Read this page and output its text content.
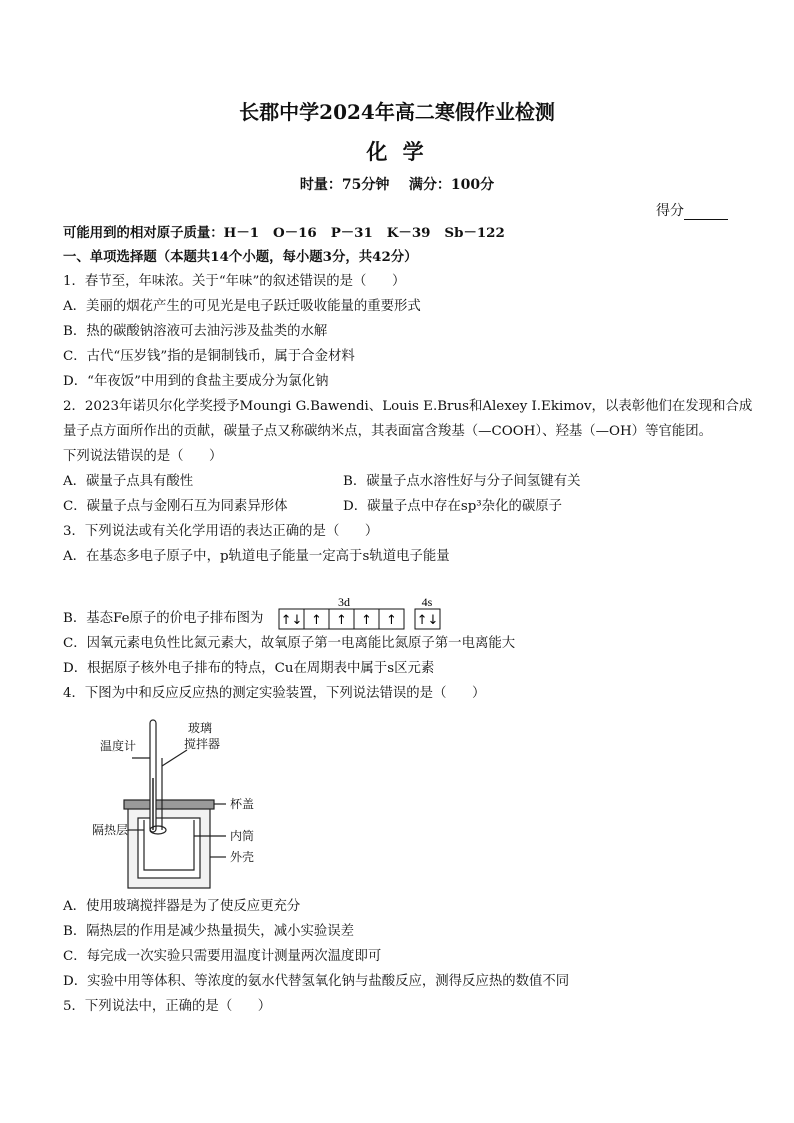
长郡中学2024年高二寒假作业检测
化 学
时量：75分钟    满分：100分
得分
可能用到的相对原子质量：H－1   O－16   P－31   K－39   Sb－122
一、单项选择题（本题共14个小题，每小题3分，共42分）
1．春节至，年味浓。关于“年味”的叙述错误的是（      ）
A．美丽的烟花产生的可见光是电子跃迁吸收能量的重要形式
B．热的碳酸钠溶液可去油污涉及盐类的水解
C．古代“压岁钱”指的是铜制钱币，属于合金材料
D．“年夜饭”中用到的食盐主要成分为氯化钠
2．2023年诺贝尔化学奖授予Moungi G.Bawendi、Louis E.Brus和Alexey I.Ekimov，以表彰他们在发现和合成
量子点方面所作出的贡献，碳量子点又称碳纳米点，其表面富含羧基（—COOH）、羟基（—OH）等官能团。
下列说法错误的是（      ）
A．碳量子点具有酸性	B．碳量子点水溶性好与分子间氢键有关
C．碳量子点与金刚石互为同素异形体	D．碳量子点中存在sp³杂化的碳原子
3．下列说法或有关化学用语的表达正确的是（      ）
A．在基态多电子原子中，p轨道电子能量一定高于s轨道电子能量
B．基态Fe原子的价电子排布图为
3d	4s
↑↓ ↑ ↑ ↑ ↑ ↑↓
C．因氧元素电负性比氮元素大，故氧原子第一电离能比氮原子第一电离能大
D．根据原子核外电子排布的特点，Cu在周期表中属于s区元素
4．下图为中和反应反应热的测定实验装置，下列说法错误的是（      ）
温度计
玻璃
搅拌器
杯盖
隔热层	内筒
外壳
A．使用玻璃搅拌器是为了使反应更充分
B．隔热层的作用是减少热量损失，减小实验误差
C．每完成一次实验只需要用温度计测量两次温度即可
D．实验中用等体积、等浓度的氨水代替氢氧化钠与盐酸反应，测得反应热的数值不同
5．下列说法中，正确的是（      ）
